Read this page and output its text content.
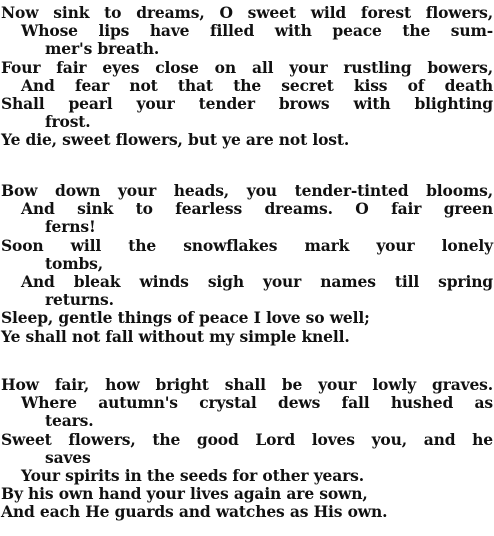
Now sink to dreams, O sweet wild forest flowers,
Whose lips have filled with peace the sum-
mer's breath.
Four fair eyes close on all your rustling bowers,
And fear not that the secret kiss of death
Shall pearl your tender brows with blighting
frost.
Ye die, sweet flowers, but ye are not lost.
Bow down your heads, you tender-tinted blooms,
And sink to fearless dreams. O fair green
ferns!
Soon will the snowflakes mark your lonely
tombs,
And bleak winds sigh your names till spring
returns.
Sleep, gentle things of peace I love so well;
Ye shall not fall without my simple knell.
How fair, how bright shall be your lowly graves.
Where autumn's crystal dews fall hushed as
tears.
Sweet flowers, the good Lord loves you, and he
saves
Your spirits in the seeds for other years.
By his own hand your lives again are sown,
And each He guards and watches as His own.
